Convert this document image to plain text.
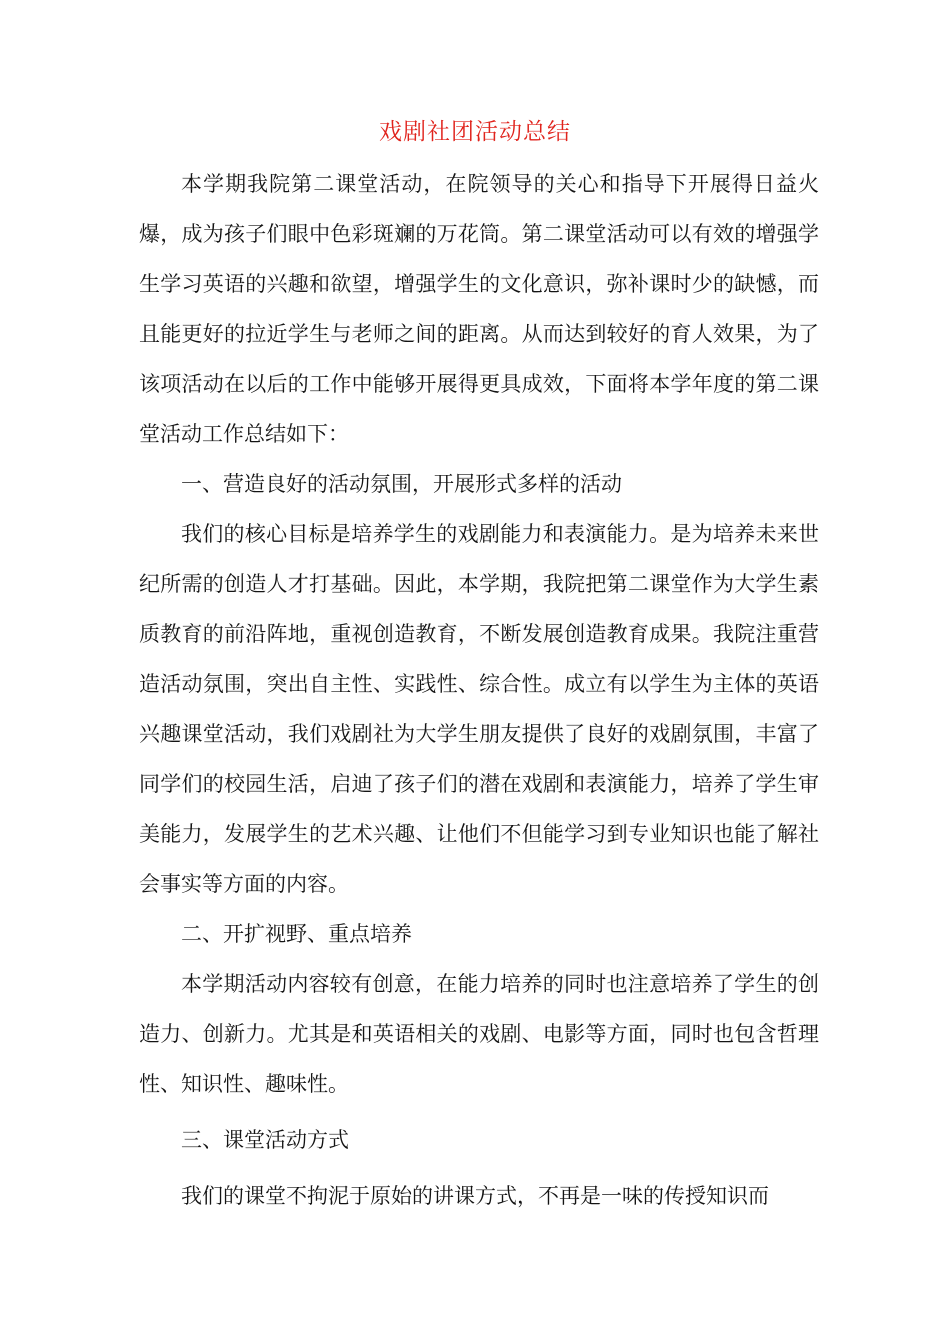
戏剧社团活动总结

本学期我院第二课堂活动，在院领导的关心和指导下开展得日益火爆，成为孩子们眼中色彩斑斓的万花筒。第二课堂活动可以有效的增强学生学习英语的兴趣和欲望，增强学生的文化意识，弥补课时少的缺憾，而且能更好的拉近学生与老师之间的距离。从而达到较好的育人效果，为了该项活动在以后的工作中能够开展得更具成效，下面将本学年度的第二课堂活动工作总结如下：

一、营造良好的活动氛围，开展形式多样的活动

我们的核心目标是培养学生的戏剧能力和表演能力。是为培养未来世纪所需的创造人才打基础。因此，本学期，我院把第二课堂作为大学生素质教育的前沿阵地，重视创造教育，不断发展创造教育成果。我院注重营造活动氛围，突出自主性、实践性、综合性。成立有以学生为主体的英语兴趣课堂活动，我们戏剧社为大学生朋友提供了良好的戏剧氛围，丰富了同学们的校园生活，启迪了孩子们的潜在戏剧和表演能力，培养了学生审美能力，发展学生的艺术兴趣、让他们不但能学习到专业知识也能了解社会事实等方面的内容。

二、开扩视野、重点培养

本学期活动内容较有创意，在能力培养的同时也注意培养了学生的创造力、创新力。尤其是和英语相关的戏剧、电影等方面，同时也包含哲理性、知识性、趣味性。

三、课堂活动方式

我们的课堂不拘泥于原始的讲课方式，不再是一味的传授知识而
